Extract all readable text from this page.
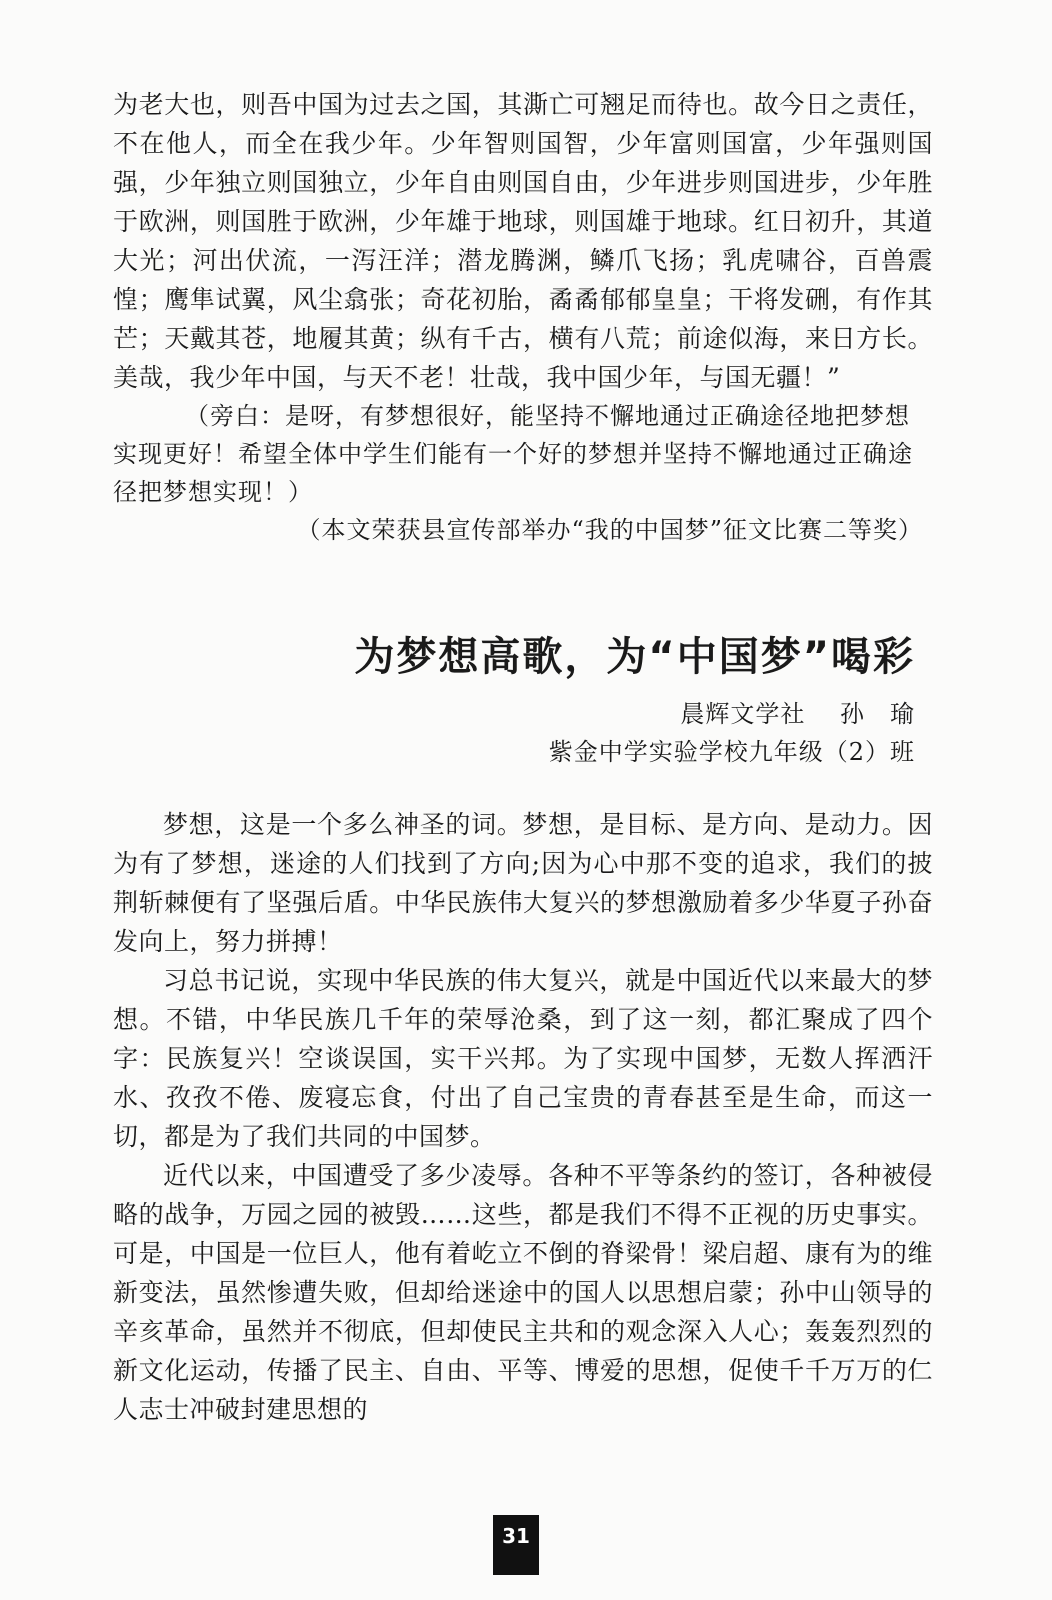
为老大也，则吾中国为过去之国，其澌亡可翘足而待也。故今日之责任，不在他人，而全在我少年。少年智则国智，少年富则国富，少年强则国强，少年独立则国独立，少年自由则国自由，少年进步则国进步，少年胜于欧洲，则国胜于欧洲，少年雄于地球，则国雄于地球。红日初升，其道大光；河出伏流，一泻汪洋；潜龙腾渊，鳞爪飞扬；乳虎啸谷，百兽震惶；鹰隼试翼，风尘翕张；奇花初胎，矞矞郁郁皇皇；干将发硎，有作其芒；天戴其苍，地履其黄；纵有千古，横有八荒；前途似海，来日方长。美哉，我少年中国，与天不老！壮哉，我中国少年，与国无疆！”

（旁白：是呀，有梦想很好，能坚持不懈地通过正确途径地把梦想实现更好！希望全体中学生们能有一个好的梦想并坚持不懈地通过正确途径把梦想实现！）

（本文荣获县宣传部举办“我的中国梦”征文比赛二等奖）

为梦想高歌，为“中国梦”喝彩
晨辉文学社 孙　瑜
紫金中学实验学校九年级（2）班

梦想，这是一个多么神圣的词。梦想，是目标、是方向、是动力。因为有了梦想，迷途的人们找到了方向;因为心中那不变的追求，我们的披荆斩棘便有了坚强后盾。中华民族伟大复兴的梦想激励着多少华夏子孙奋发向上，努力拼搏！

习总书记说，实现中华民族的伟大复兴，就是中国近代以来最大的梦想。不错，中华民族几千年的荣辱沧桑，到了这一刻，都汇聚成了四个字：民族复兴！空谈误国，实干兴邦。为了实现中国梦，无数人挥洒汗水、孜孜不倦、废寝忘食，付出了自己宝贵的青春甚至是生命，而这一切，都是为了我们共同的中国梦。

近代以来，中国遭受了多少凌辱。各种不平等条约的签订，各种被侵略的战争，万园之园的被毁……这些，都是我们不得不正视的历史事实。可是，中国是一位巨人，他有着屹立不倒的脊梁骨！梁启超、康有为的维新变法，虽然惨遭失败，但却给迷途中的国人以思想启蒙；孙中山领导的辛亥革命，虽然并不彻底，但却使民主共和的观念深入人心；轰轰烈烈的新文化运动，传播了民主、自由、平等、博爱的思想，促使千千万万的仁人志士冲破封建思想的

31
